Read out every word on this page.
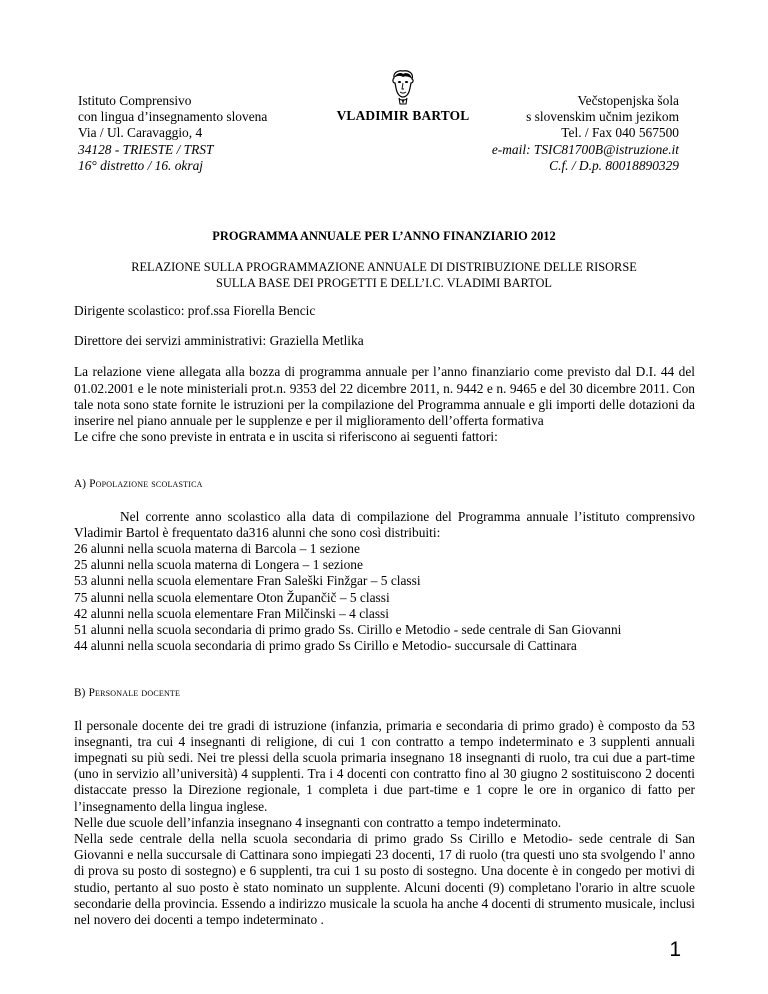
Istituto Comprensivo
con lingua d’insegnamento slovena
Via / Ul. Caravaggio, 4
34128 - TRIESTE / TRST
16° distretto / 16. okraj
VLADIMIR BARTOL
Večstopenjska šola
s slovenskim učnim jezikom
Tel. / Fax 040 567500
e-mail: TSIC81700B@istruzione.it
C.f. / D.p. 80018890329
PROGRAMMA ANNUALE PER L’ANNO FINANZIARIO 2012
RELAZIONE SULLA PROGRAMMAZIONE ANNUALE DI DISTRIBUZIONE DELLE RISORSE
SULLA BASE DEI PROGETTI E DELL’I.C. VLADIMI BARTOL

Dirigente scolastico: prof.ssa Fiorella Bencic

Direttore dei servizi amministrativi: Graziella Metlika

La relazione viene allegata alla bozza di programma annuale per l’anno finanziario come previsto dal D.I. 44 del 01.02.2001 e le note ministeriali prot.n. 9353 del 22 dicembre 2011, n. 9442 e n. 9465 e del 30 dicembre 2011. Con tale nota sono state fornite le istruzioni per la compilazione del Programma annuale e gli importi delle dotazioni da inserire nel piano annuale per le supplenze e per il miglioramento dell’offerta formativa

Le cifre che sono previste in entrata e in uscita si riferiscono ai seguenti fattori:

A) Popolazione scolastica

Nel corrente anno scolastico alla data di compilazione del Programma annuale l’istituto comprensivo Vladimir Bartol è frequentato da316 alunni che sono così distribuiti:

26 alunni nella scuola materna di Barcola – 1 sezione
25 alunni nella scuola materna di Longera – 1 sezione
53 alunni nella scuola elementare Fran Saleški Finžgar – 5 classi
75 alunni nella scuola elementare Oton Župančič – 5 classi
42 alunni nella scuola elementare Fran Milčinski – 4 classi
51 alunni nella scuola secondaria di primo grado Ss. Cirillo e Metodio - sede centrale di San Giovanni
44 alunni nella scuola secondaria di primo grado Ss Cirillo e Metodio- succursale di Cattinara

B) Personale docente

Il personale docente dei tre gradi di istruzione (infanzia, primaria e secondaria di primo grado) è composto da 53 insegnanti, tra cui 4 insegnanti di religione, di cui 1 con contratto a tempo indeterminato e 3 supplenti annuali impegnati su più sedi. Nei tre plessi della scuola primaria insegnano 18 insegnanti di ruolo, tra cui due a part-time (uno in servizio all’università) 4 supplenti. Tra i 4 docenti con contratto fino al 30 giugno 2 sostituiscono 2 docenti distaccate presso la Direzione regionale, 1 completa i due part-time e 1 copre le ore in organico di fatto per l’insegnamento della lingua inglese.

Nelle due scuole dell’infanzia insegnano 4 insegnanti con contratto a tempo indeterminato.

Nella sede centrale della nella scuola secondaria di primo grado Ss Cirillo e Metodio- sede centrale di San Giovanni e nella succursale di Cattinara sono impiegati 23 docenti, 17 di ruolo (tra questi uno sta svolgendo l' anno di prova su posto di sostegno) e 6 supplenti, tra cui 1 su posto di sostegno. Una docente è in congedo per motivi di studio, pertanto al suo posto è stato nominato un supplente. Alcuni docenti (9) completano l'orario in altre scuole secondarie della provincia. Essendo a indirizzo musicale la scuola ha anche 4 docenti di strumento musicale, inclusi nel novero dei docenti a tempo indeterminato .

1
